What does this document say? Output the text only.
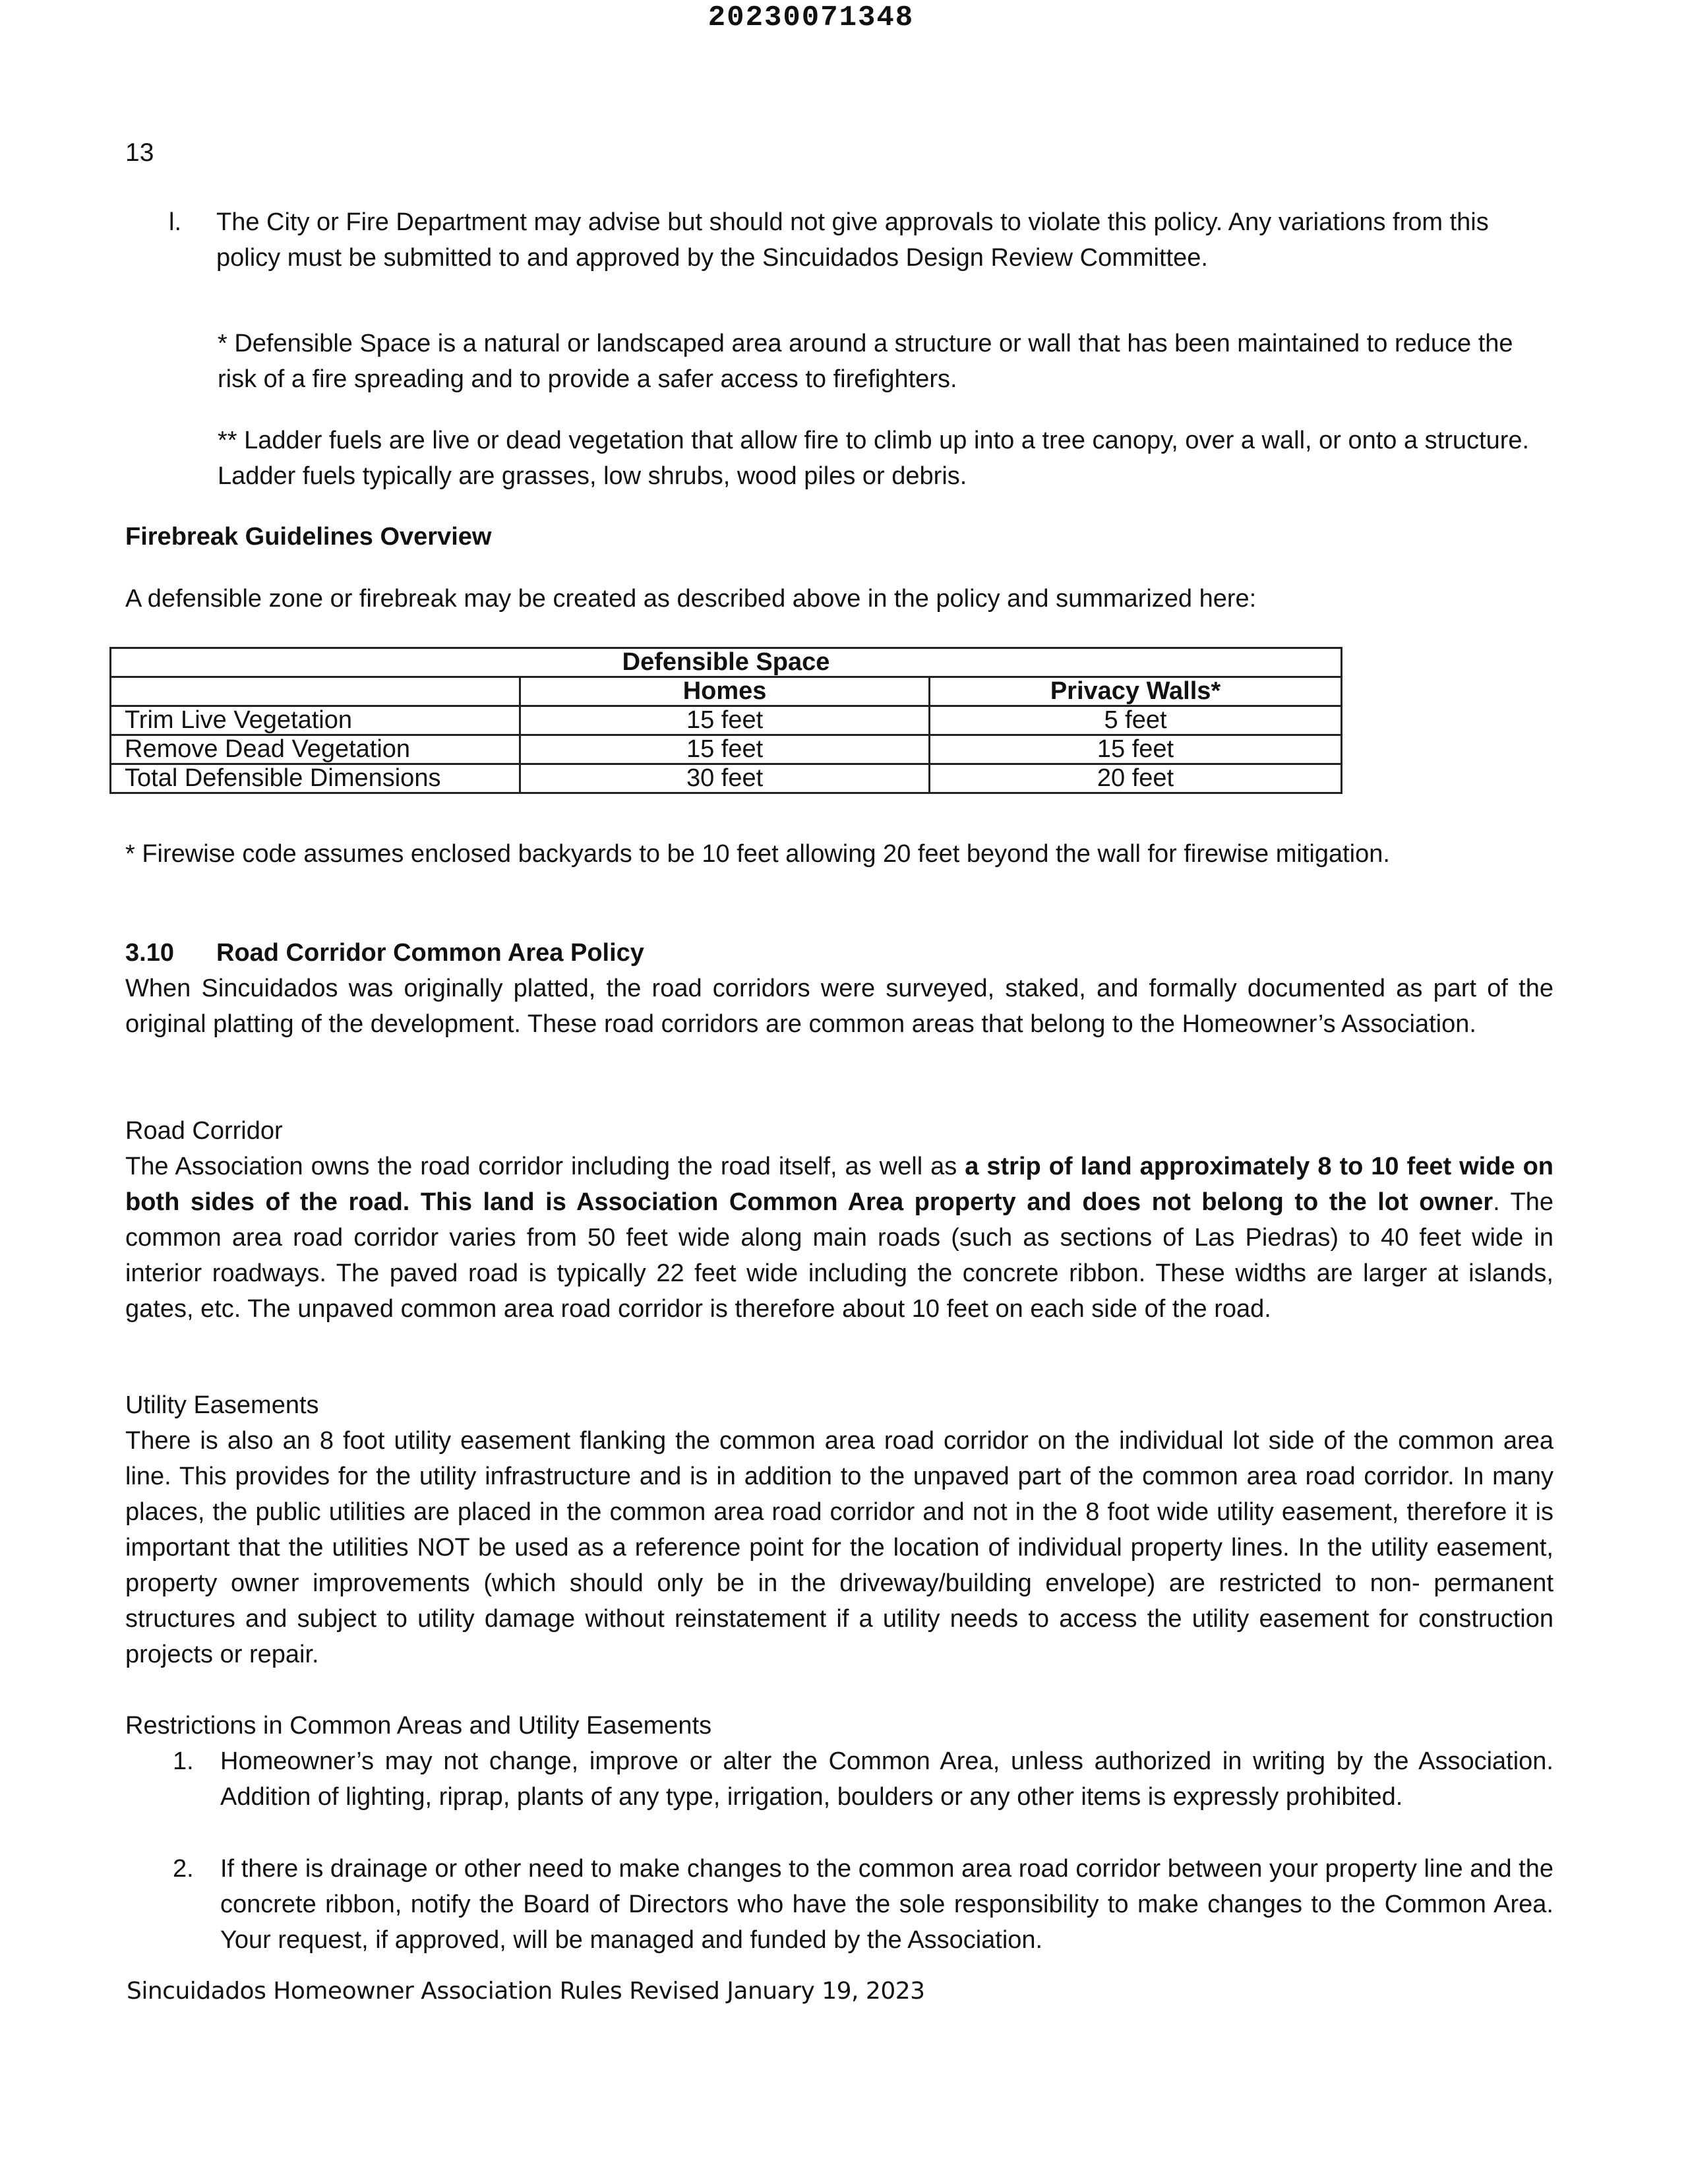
20230071348
13
l. The City or Fire Department may advise but should not give approvals to violate this policy. Any variations from this policy must be submitted to and approved by the Sincuidados Design Review Committee.
* Defensible Space is a natural or landscaped area around a structure or wall that has been maintained to reduce the risk of a fire spreading and to provide a safer access to firefighters.
** Ladder fuels are live or dead vegetation that allow fire to climb up into a tree canopy, over a wall, or onto a structure. Ladder fuels typically are grasses, low shrubs, wood piles or debris.
Firebreak Guidelines Overview
A defensible zone or firebreak may be created as described above in the policy and summarized here:
Defensible Space		
	Homes	Privacy Walls*
Trim Live Vegetation	15 feet	5 feet
Remove Dead Vegetation	15 feet	15 feet
Total Defensible Dimensions	30 feet	20 feet
* Firewise code assumes enclosed backyards to be 10 feet allowing 20 feet beyond the wall for firewise mitigation.
3.10 Road Corridor Common Area Policy
When Sincuidados was originally platted, the road corridors were surveyed, staked, and formally documented as part of the original platting of the development. These road corridors are common areas that belong to the Homeowner’s Association.
Road Corridor
The Association owns the road corridor including the road itself, as well as a strip of land approximately 8 to 10 feet wide on both sides of the road. This land is Association Common Area property and does not belong to the lot owner. The common area road corridor varies from 50 feet wide along main roads (such as sections of Las Piedras) to 40 feet wide in interior roadways. The paved road is typically 22 feet wide including the concrete ribbon. These widths are larger at islands, gates, etc. The unpaved common area road corridor is therefore about 10 feet on each side of the road.
Utility Easements
There is also an 8 foot utility easement flanking the common area road corridor on the individual lot side of the common area line. This provides for the utility infrastructure and is in addition to the unpaved part of the common area road corridor. In many places, the public utilities are placed in the common area road corridor and not in the 8 foot wide utility easement, therefore it is important that the utilities NOT be used as a reference point for the location of individual property lines. In the utility easement, property owner improvements (which should only be in the driveway/building envelope) are restricted to non- permanent structures and subject to utility damage without reinstatement if a utility needs to access the utility easement for construction projects or repair.
Restrictions in Common Areas and Utility Easements
1. Homeowner’s may not change, improve or alter the Common Area, unless authorized in writing by the Association. Addition of lighting, riprap, plants of any type, irrigation, boulders or any other items is expressly prohibited.
2. If there is drainage or other need to make changes to the common area road corridor between your property line and the concrete ribbon, notify the Board of Directors who have the sole responsibility to make changes to the Common Area. Your request, if approved, will be managed and funded by the Association.
Sincuidados Homeowner Association Rules Revised January 19, 2023
